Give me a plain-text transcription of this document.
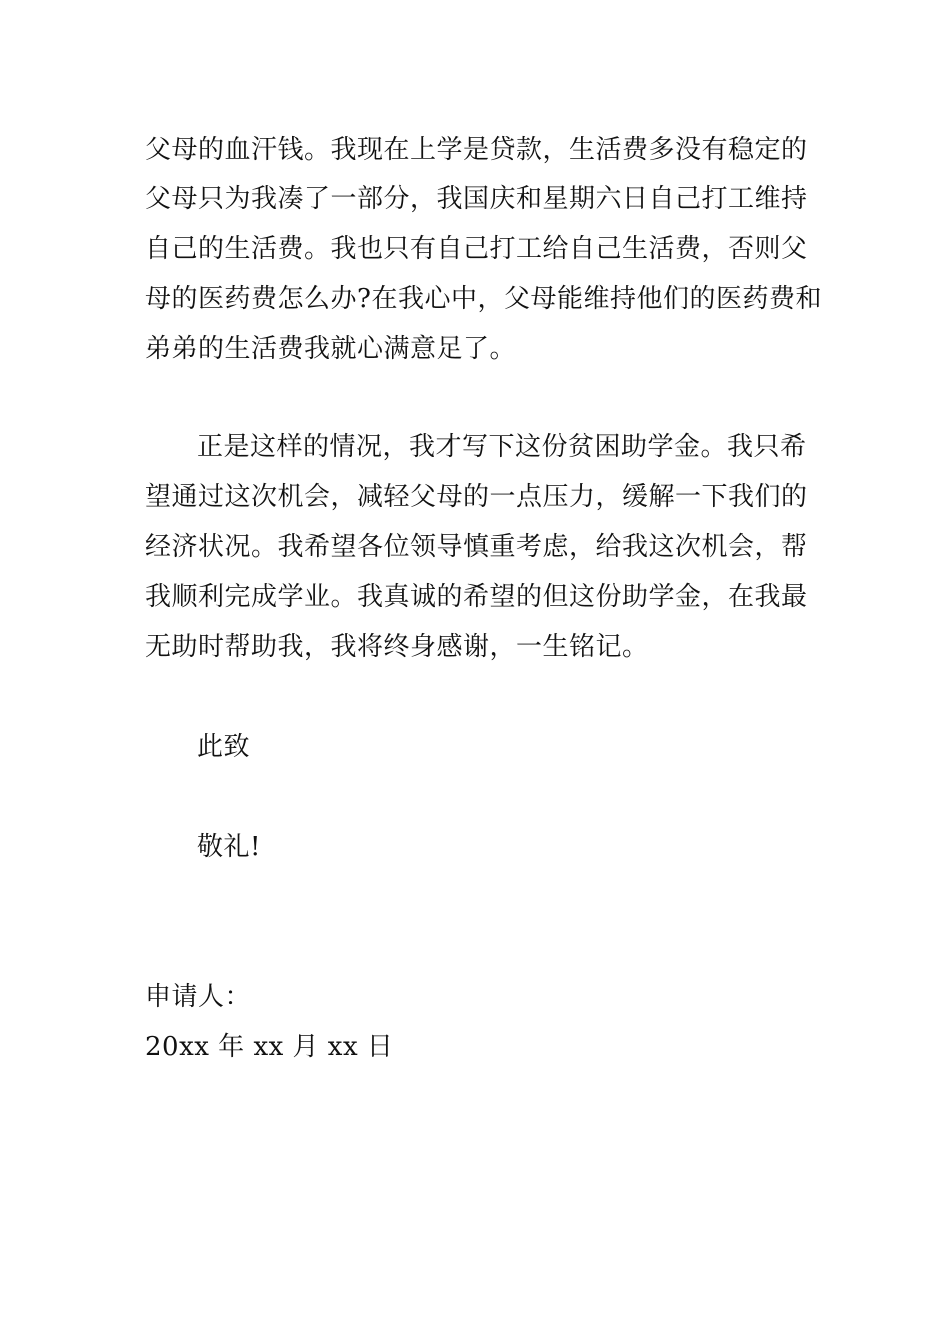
父母的血汗钱。我现在上学是贷款，生活费多没有稳定的
父母只为我凑了一部分，我国庆和星期六日自己打工维持
自己的生活费。我也只有自己打工给自己生活费，否则父
母的医药费怎么办?在我心中，父母能维持他们的医药费和
弟弟的生活费我就心满意足了。
正是这样的情况，我才写下这份贫困助学金。我只希
望通过这次机会，减轻父母的一点压力，缓解一下我们的
经济状况。我希望各位领导慎重考虑，给我这次机会，帮
我顺利完成学业。我真诚的希望的但这份助学金，在我最
无助时帮助我，我将终身感谢，一生铭记。
此致
敬礼!
申请人：
20xx 年 xx 月 xx 日
